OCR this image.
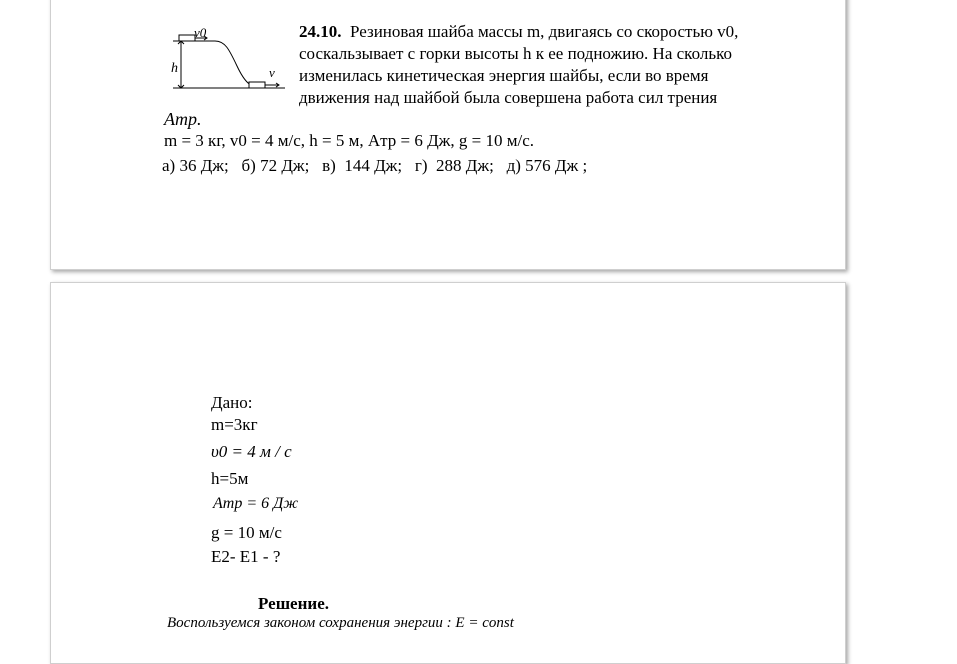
v0
h	v
24.10. Резиновая шайба массы m, двигаясь со скоростью v0,
соскальзывает с горки высоты h к ее подножию. На сколько
изменилась кинетическая энергия шайбы, если во время
движения над шайбой была совершена работа сил трения
Aтр.
m = 3 кг, v0 = 4 м/с, h = 5 м, Aтр = 6 Дж, g = 10 м/с.
а) 36 Дж;   б) 72 Дж;   в)  144 Дж;   г)  288 Дж;   д) 576 Дж ;
Дано:
m=3кг
υ0 = 4 м / с
h=5м
Aтр = 6 Дж
g = 10 м/с
E2- E1 - ?
Решение.
Воспользуемся законом сохранения энергии : E = const
